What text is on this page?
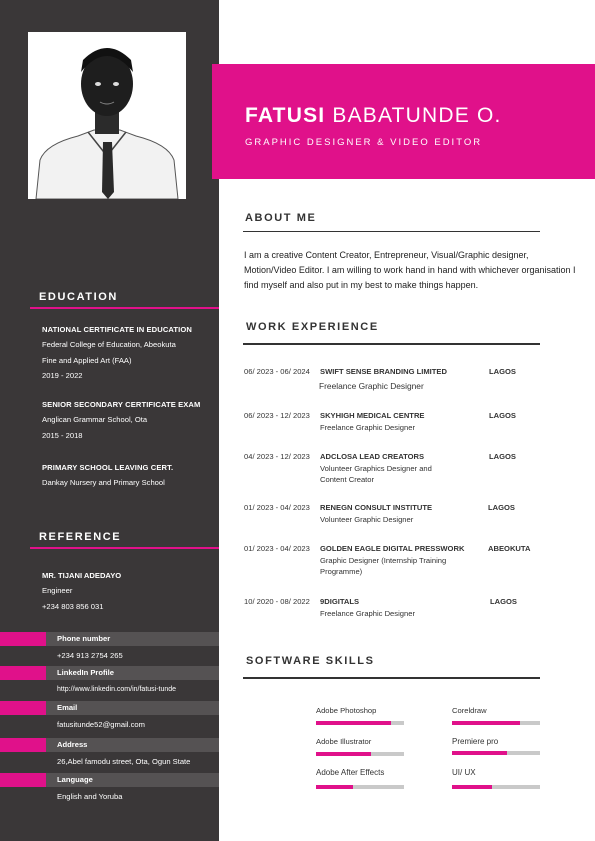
EDUCATION
NATIONAL CERTIFICATE IN EDUCATION
Federal College of Education, Abeokuta
Fine and Applied Art (FAA)
2019 - 2022
SENIOR SECONDARY CERTIFICATE EXAM
Anglican Grammar School, Ota
2015 - 2018
PRIMARY SCHOOL LEAVING CERT.
Dankay Nursery and Primary School
REFERENCE
MR. TIJANI ADEDAYO
Engineer
+234 803 856 031
Phone number
+234 913 2754 265
LinkedIn Profile
http://www.linkedin.com/in/fatusi-tunde
Email
fatusitunde52@gmail.com
Address
26,Abel famodu street, Ota, Ogun State
Language
English and Yoruba
FATUSI BABATUNDE O.
GRAPHIC DESIGNER & VIDEO EDITOR
ABOUT ME
I am a creative Content Creator, Entrepreneur, Visual/Graphic designer, Motion/Video Editor. I am willing to work hand in hand with whichever organisation I find myself and also put in my best to make things happen.
WORK EXPERIENCE
06/ 2023 - 06/ 2024 SWIFT SENSE BRANDING LIMITED	LAGOS
Freelance Graphic Designer
06/ 2023 - 12/ 2023 SKYHIGH MEDICAL CENTRE	LAGOS
Freelance Graphic Designer
04/ 2023 - 12/ 2023 ADCLOSA LEAD CREATORS	LAGOS
Volunteer Graphics Designer and Content Creator
01/ 2023 - 04/ 2023 RENEGN CONSULT INSTITUTE	LAGOS
Volunteer Graphic Designer
01/ 2023 - 04/ 2023 GOLDEN EAGLE DIGITAL PRESSWORK	ABEOKUTA
Graphic Designer (Internship Training Programme)
10/ 2020 - 08/ 2022 9DIGITALS	LAGOS
Freelance Graphic Designer
SOFTWARE SKILLS
Adobe Photoshop	Coreldraw
Adobe Illustrator	Premiere pro
Adobe After Effects	UI/ UX
